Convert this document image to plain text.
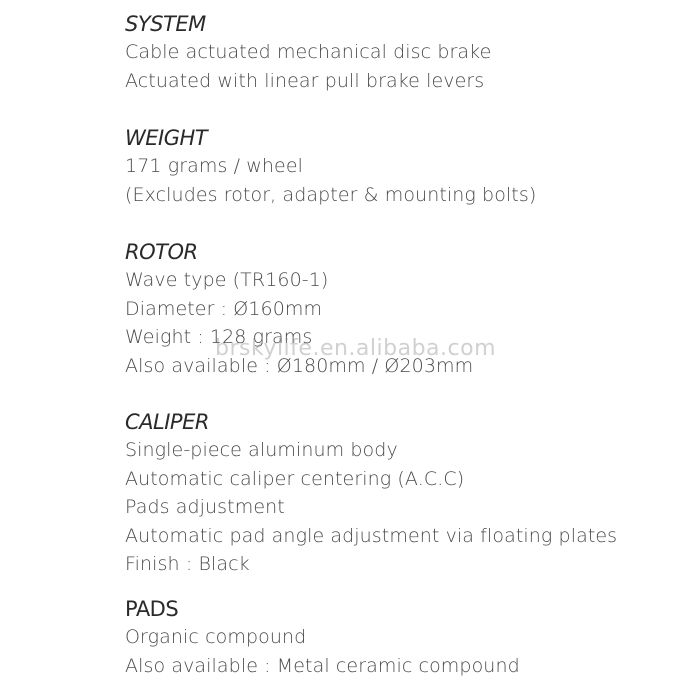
SYSTEM
Cable actuated mechanical disc brake
Actuated with linear pull brake levers
WEIGHT
171 grams / wheel
(Excludes rotor, adapter & mounting bolts)
ROTOR
Wave type (TR160-1)
Diameter : Ø160mm
Weight : 128 grams
Also available : Ø180mm / Ø203mm
CALIPER
Single-piece aluminum body
Automatic caliper centering (A.C.C)
Pads adjustment
Automatic pad angle adjustment via floating plates
Finish : Black
PADS
Organic compound
Also available : Metal ceramic compound
brskylife.en.alibaba.com
